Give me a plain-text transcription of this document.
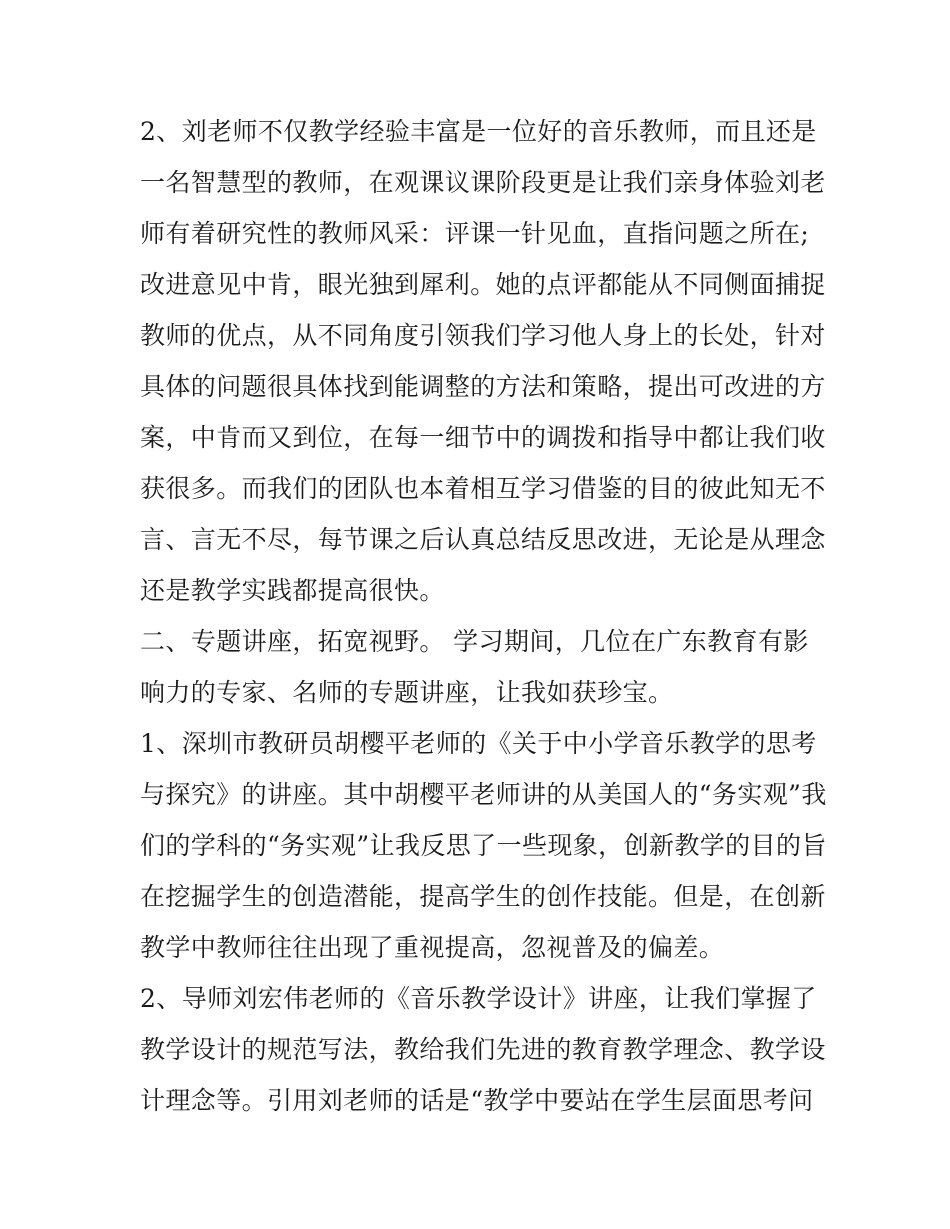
2、刘老师不仅教学经验丰富是一位好的音乐教师，而且还是
一名智慧型的教师，在观课议课阶段更是让我们亲身体验刘老
师有着研究性的教师风采：评课一针见血，直指问题之所在;
改进意见中肯，眼光独到犀利。她的点评都能从不同侧面捕捉
教师的优点，从不同角度引领我们学习他人身上的长处，针对
具体的问题很具体找到能调整的方法和策略，提出可改进的方
案，中肯而又到位，在每一细节中的调拨和指导中都让我们收
获很多。而我们的团队也本着相互学习借鉴的目的彼此知无不
言、言无不尽，每节课之后认真总结反思改进，无论是从理念
还是教学实践都提高很快。
二、专题讲座，拓宽视野。 学习期间，几位在广东教育有影
响力的专家、名师的专题讲座，让我如获珍宝。
1、深圳市教研员胡樱平老师的《关于中小学音乐教学的思考
与探究》的讲座。其中胡樱平老师讲的从美国人的“务实观”我
们的学科的“务实观”让我反思了一些现象，创新教学的目的旨
在挖掘学生的创造潜能，提高学生的创作技能。但是，在创新
教学中教师往往出现了重视提高，忽视普及的偏差。
2、导师刘宏伟老师的《音乐教学设计》讲座，让我们掌握了
教学设计的规范写法，教给我们先进的教育教学理念、教学设
计理念等。引用刘老师的话是“教学中要站在学生层面思考问
